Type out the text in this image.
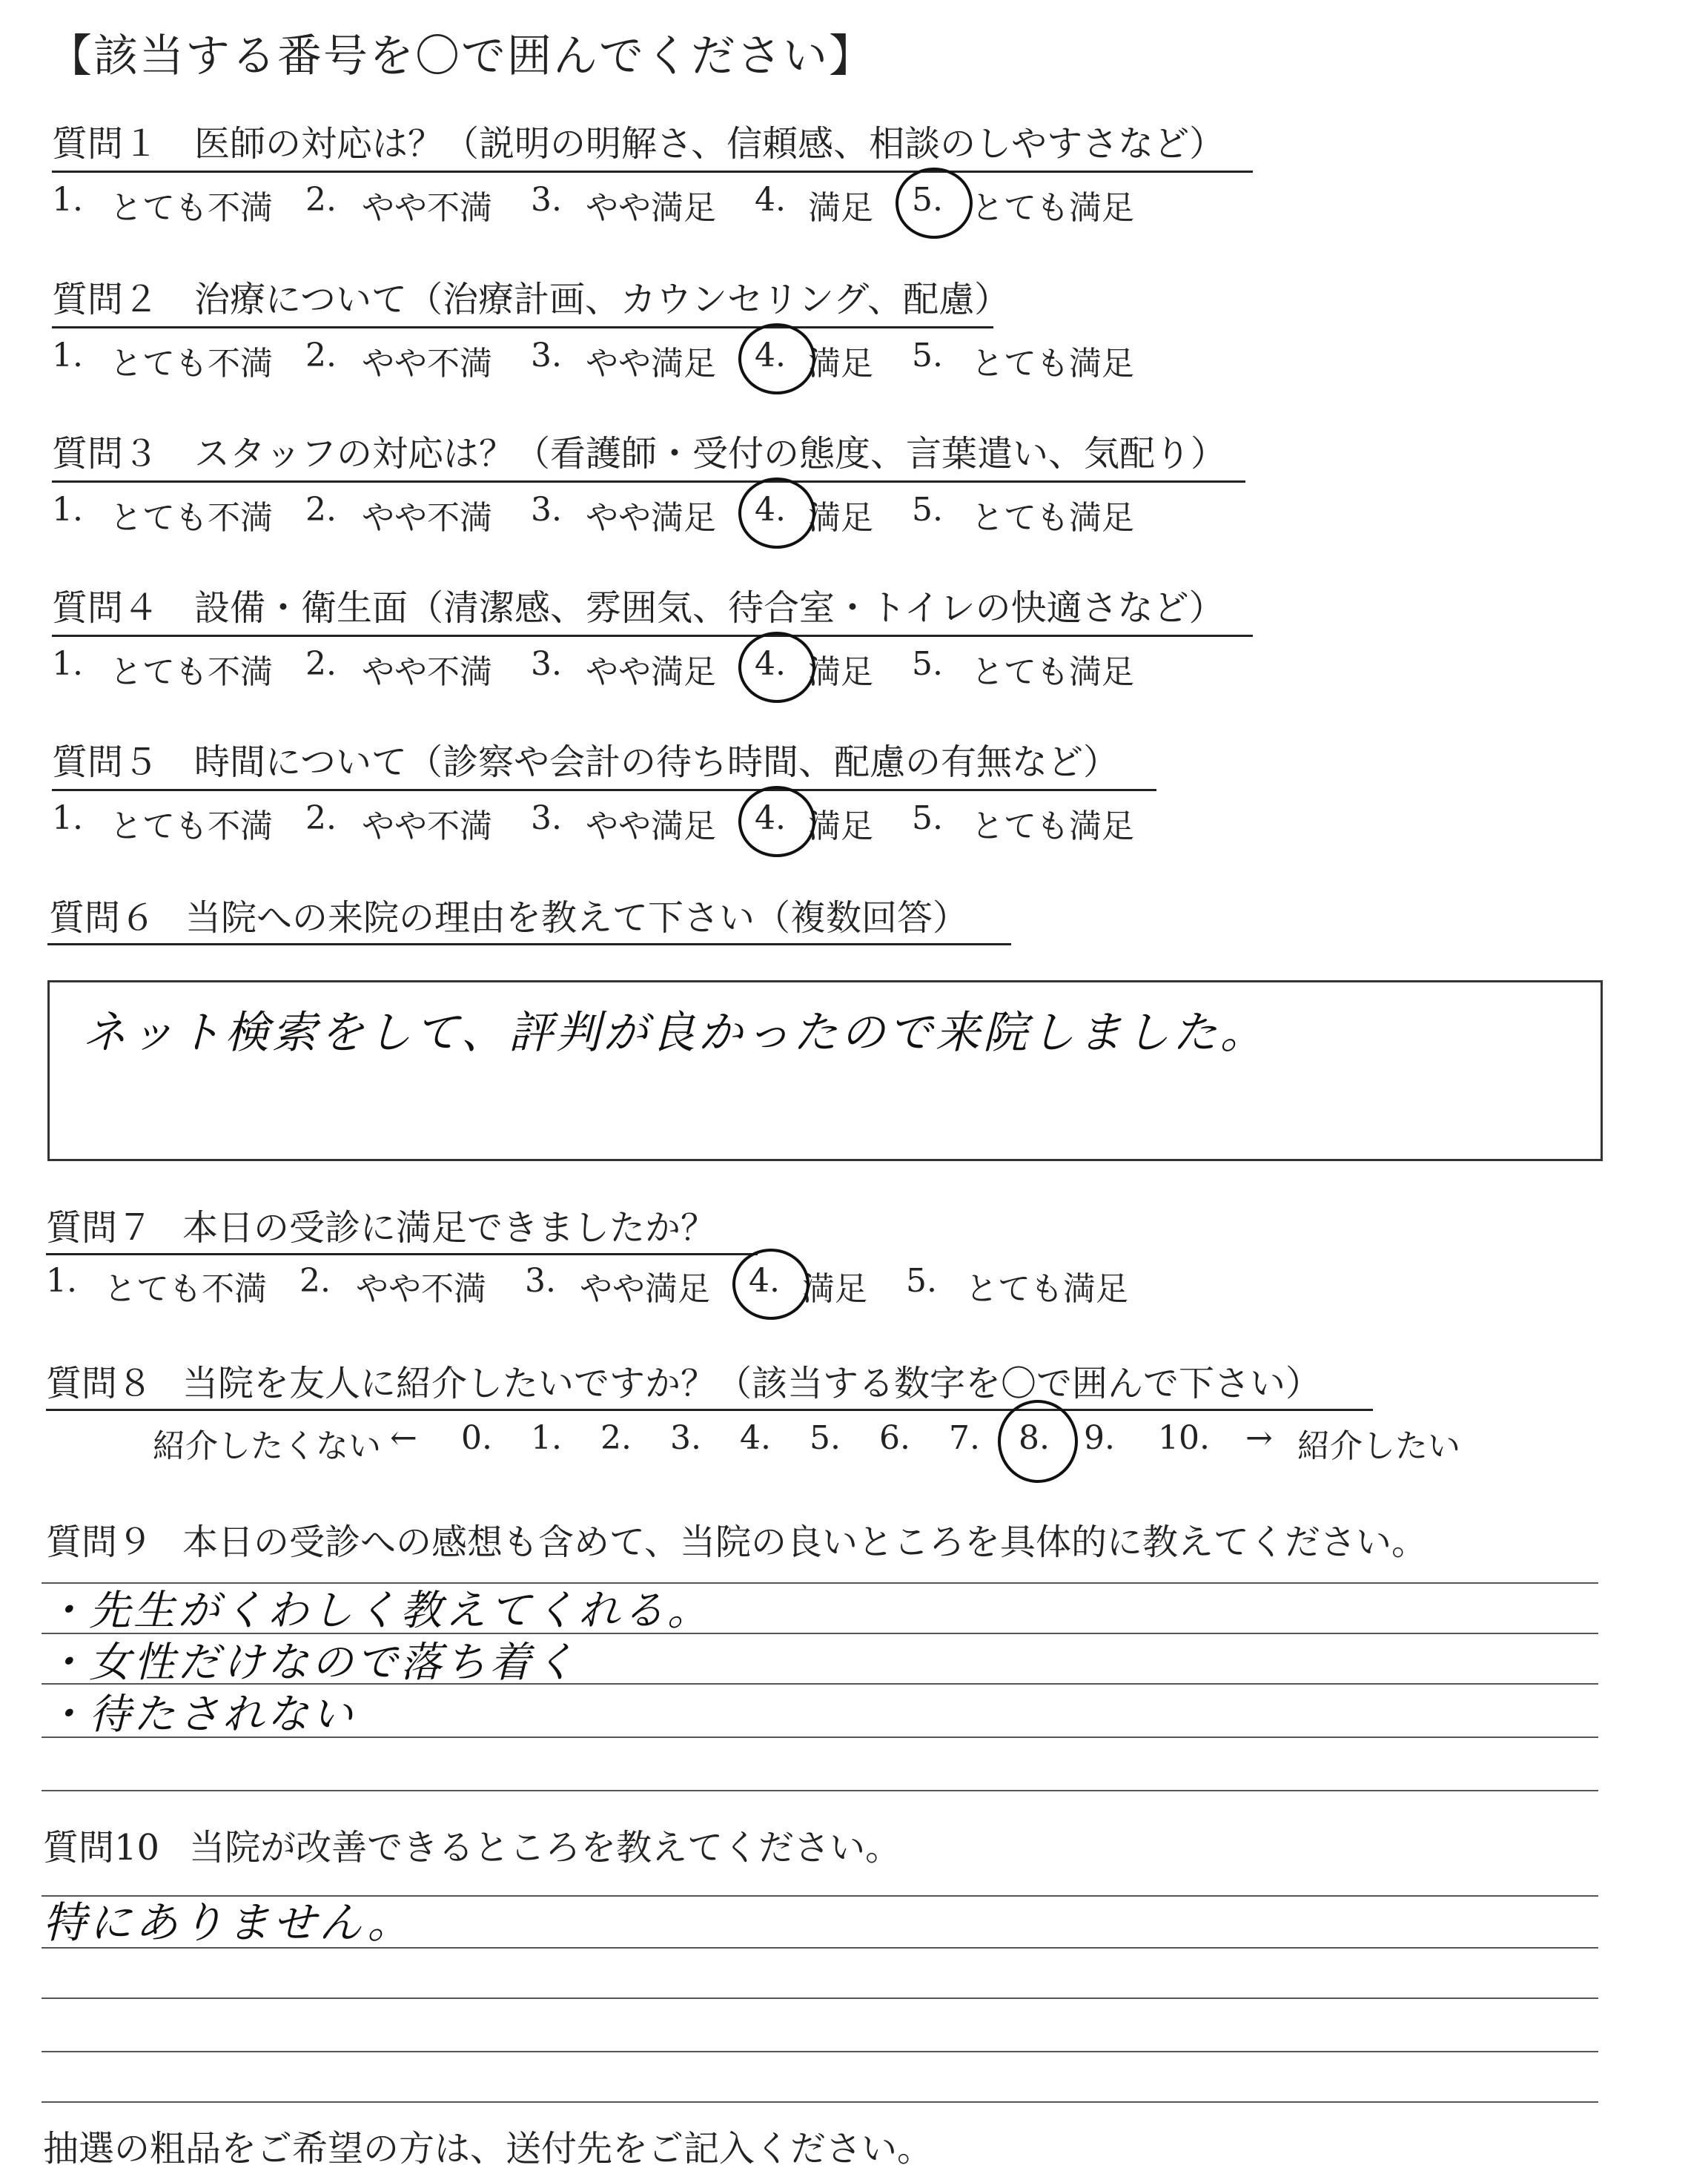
【該当する番号を〇で囲んでください】
質問１ 医師の対応は？（説明の明解さ、信頼感、相談のしやすさなど）
1. とても不満 2. やや不満 3. やや満足 4. 満足 5. とても満足
質問２ 治療について（治療計画、カウンセリング、配慮）
1. とても不満 2. やや不満 3. やや満足 4. 満足 5. とても満足
質問３ スタッフの対応は？（看護師・受付の態度、言葉遣い、気配り）
1. とても不満 2. やや不満 3. やや満足 4. 満足 5. とても満足
質問４ 設備・衛生面（清潔感、雰囲気、待合室・トイレの快適さなど）
1. とても不満 2. やや不満 3. やや満足 4. 満足 5. とても満足
質問５ 時間について（診察や会計の待ち時間、配慮の有無など）
1. とても不満 2. やや不満 3. やや満足 4. 満足 5. とても満足
質問６ 当院への来院の理由を教えて下さい（複数回答）
ネット検索をして、評判が良かったので来院しました。
質問７ 本日の受診に満足できましたか？
1. とても不満 2. やや不満 3. やや満足 4. 満足 5. とても満足
質問８ 当院を友人に紹介したいですか？（該当する数字を〇で囲んで下さい）
紹介したくない ← 0. 1. 2. 3. 4. 5. 6. 7. 8. 9. 10. → 紹介したい
質問９ 本日の受診への感想も含めて、当院の良いところを具体的に教えてください。
・先生がくわしく教えてくれる。
・女性だけなので落ち着く
・待たされない
質問10 当院が改善できるところを教えてください。
特にありません。
抽選の粗品をご希望の方は、送付先をご記入ください。
